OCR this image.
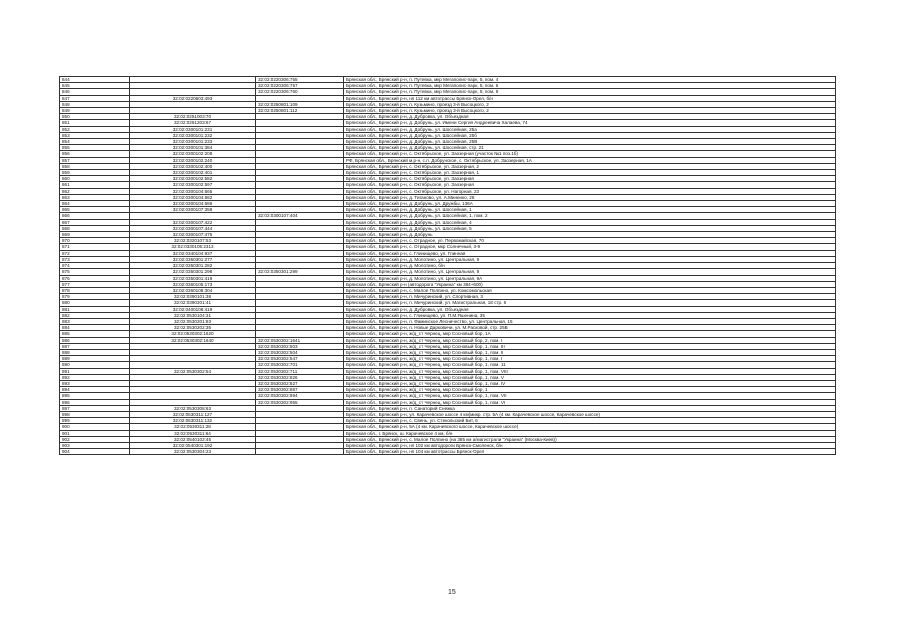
844		32:02:0220306:755	Брянская обл., Брянский р-н, п. Путевка, мкр Мегаполис-парк, 5, пом. 4
845		32:02:0220306:757	Брянская обл., Брянский р-н, п. Путевка, мкр Мегаполис-парк, 5, пом. 6
846		32:02:0220306:760	Брянская обл., Брянский р-н, п. Путевка, мкр Мегаполис-парк, 5, пом. 9
847	32:02:0220603:493		Брянская обл., Брянский р-н, нп 112 км автотрассы Брянск-Орел, б/н
848		32:02:0250801:109	Брянская обл., Брянский р-н, п. Кузьмино, проезд 3-й Высоцкого, 2
849		32:02:0250801:112	Брянская обл., Брянский р-н, п. Кузьмино, проезд 3-й Высоцкого, 2
850	32:02:0251003:70		Брянская обл., Брянский р-н, д. Дубровка, ул. Объездная
851	32:02:0251203:67		Брянская обл., Брянский р-н, д. Добрунь, ул. Имени Сергия Андреевича Халаева, 74
852	32:02:0300101:231		Брянская обл., Брянский р-н, д. Добрунь, ул. Шоссейная, 25а
853	32:02:0300101:232		Брянская обл., Брянский р-н, д. Добрунь, ул. Шоссейная, 25б
854	32:02:0300101:233		Брянская обл., Брянский р-н, д. Добрунь, ул. Шоссейная, 25В
855	32:02:0300101:384		Брянская обл., Брянский р-н, д. Добрунь, ул. Шоссейная, стр. 21
856	32:02:0300102:208		Брянская обл., Брянский р-н, с. Октябрьское, ул. Заозерная (участок №1 поз.1б)
857	32:02:0300102:240		РФ, Брянская обл., Брянский м.р-н, с.п. Добрунское, с. Октябрьское, ул. Заозерная, 1А
858	32:02:0300102:400		Брянская обл., Брянский р-н, с. Октябрьское, ул. Заозерная, 2
859	32:02:0300102:401		Брянская обл., Брянский р-н, с. Октябрьское, ул. Заозерная, 1
860	32:02:0300102:582		Брянская обл., Брянский р-н, с. Октябрьское, ул. Заозерная
861	32:02:0300102:597		Брянская обл., Брянский р-н, с. Октябрьское, ул. Заозерная
862	32:02:0300104:665		Брянская обл., Брянский р-н, с. Октябрьское, ул. Нагорная, 23
863	32:02:0300104:682		Брянская обл., Брянский р-н, д. Тиганово, ул. А.Миненко, 28
864	32:02:0300104:686		Брянская обл., Брянский р-н, д. Добрунь, ул. Дружбы, 136А
865	32:02:0300107:358		Брянская обл., Брянский р-н, д. Добрунь, ул. Шоссейная, 1
866		32:02:0300107:404	Брянская обл., Брянский р-н, д. Добрунь, ул. Шоссейная, 1, пом. 2
867	32:02:0300107:422		Брянская обл., Брянский р-н, д. Добрунь, ул. Шоссейная, 4
868	32:02:0300107:444		Брянская обл., Брянский р-н, д. Добрунь, ул. Шоссейная, 5
869	32:02:0300107:475		Брянская обл., Брянский р-н, д. Добрунь
870	32:02:0320107:53		Брянская обл., Брянский р-н, с. Отрадное, ул. Первомайская, 70
871	32:02:0330105:2313		Брянская обл., Брянский р-н, с. Отрадное, мкр Солнечный, 3-9
872	32:02:0340104:937		Брянская обл., Брянский р-н, с. Глинищево, ул. Глинная
873	32:02:0350301:277		Брянская обл., Брянский р-н, д. Молотино, ул. Центральная, 9
874	32:02:0350301:282		Брянская обл., Брянский р-н, д. Молотино, б/н
875	32:02:0350301:298	32:02:0350301:299	Брянская обл., Брянский р-н, д. Молотино, ул. Центральная, 9
876	32:02:0350301:419		Брянская обл., Брянский р-н, д. Молотино, ул. Центральная, 9А
877	32:02:0360105:173		Брянская обл., Брянский р-н (автодорога "Украина" км 384+600)
878	32:02:0360108:304		Брянская обл., Брянский р-н, с. Малое Полпино, ул. Комсомольская
879	32:02:0390101:38		Брянская обл., Брянский р-н, п. Мичуринский, ул. Спортивная, 3
880	32:02:0390201:41		Брянская обл., Брянский р-н, п. Мичуринский, ул. Магистральная, 18 стр. 6
881	32:02:0400106:419		Брянская обл., Брянский р-н, д. Дубровка, ул. Объездная
882	32:02:0530104:31		Брянская обл., Брянский р-н, с. Глинищево, ул. П.М.Яшенина, 35
883	32:02:0530201:83		Брянская обл., Брянский р-н, п. Фаминское Лесничество, ул. Центральная, 15
884	32:02:0530202:35		Брянская обл., Брянский р-н, п. Новые Дарковичи, ул. М.Расковой, стр. 25В
885	32:02:0530302:1620		Брянская обл., Брянский р-н, ж/д_ст Чернец, мкр Сосновый бор, 1А
886	32:02:0530302:1640	32:02:0530302:1641	Брянская обл., Брянский р-н, ж/д_ст Чернец, мкр Сосновый бор, 2, пом. I
887		32:02:0530302:503	Брянская обл., Брянский р-н, ж/д_ст Чернец, мкр Сосновый бор, 1, пом. III
888		32:02:0530302:504	Брянская обл., Брянский р-н, ж/д_ст Чернец, мкр Сосновый бор, 1, пом. II
889		32:02:0530302:547	Брянская обл., Брянский р-н, ж/д_ст Чернец, мкр Сосновый бор, 1, пом. I
890		32:02:0530302:701	Брянская обл., Брянский р-н, ж/д_ст Чернец, мкр Сосновый бор, 1, пом. 11
891	32:02:0530302:54	32:02:0530302:711	Брянская обл., Брянский р-н, ж/д_ст Чернец, мкр Сосновый бор, 1, пом. VIII
892		32:02:0530302:826	Брянская обл., Брянский р-н, ж/д_ст Чернец, мкр Сосновый бор, 1, пом. V
893		32:02:0530302:827	Брянская обл., Брянский р-н, ж/д_ст Чернец, мкр Сосновый бор, 1, пом. IV
894		32:02:0530302:887	Брянская обл., Брянский р-н, ж/д_ст Чернец, мкр Сосновый бор, 1
895		32:02:0530302:894	Брянская обл., Брянский р-н, ж/д_ст Чернец, мкр Сосновый бор, 1, пом. VII
896		32:02:0530302:955	Брянская обл., Брянский р-н, ж/д_ст Чернец, мкр Сосновый бор, 1, пом. VI
897	32:02:0530308:63		Брянская обл., Брянский р-н, п. Санаторий Снежка
898	32:02:0530311:127		Брянская обл., Брянский р-н, ул. Карачевское шоссе 4 км(микр. стр. 5А (4 км. Карачевское шоссе, Карачевское шоссе)
899	32:02:0530311:132		Брянская обл., Брянский р-н, с. Свень, ул. Стекольский Бит, 6
900	32:02:0530311:28		Брянская обл., Брянский р-н, 5А (4 км. Карачевского шоссе, Карачевское шоссе)
901	32:02:0530311:64		Брянская обл., г. Брянск, ш. Карачевское 4 км, б/н
902	32:02:0540102:45		Брянская обл., Брянский р-н, с. Малое Полпино (на 385 км а/магистрали "Украина" (Москва-Киев))
903	32:02:0540301:192		Брянская обл., Брянский р-н, нп 102 км автодороги Брянск-Смоленск, б/н
904	32:02:0530304:23		Брянская обл., Брянский р-н, нп 104 км автотрассы Брянск-Орел
15
